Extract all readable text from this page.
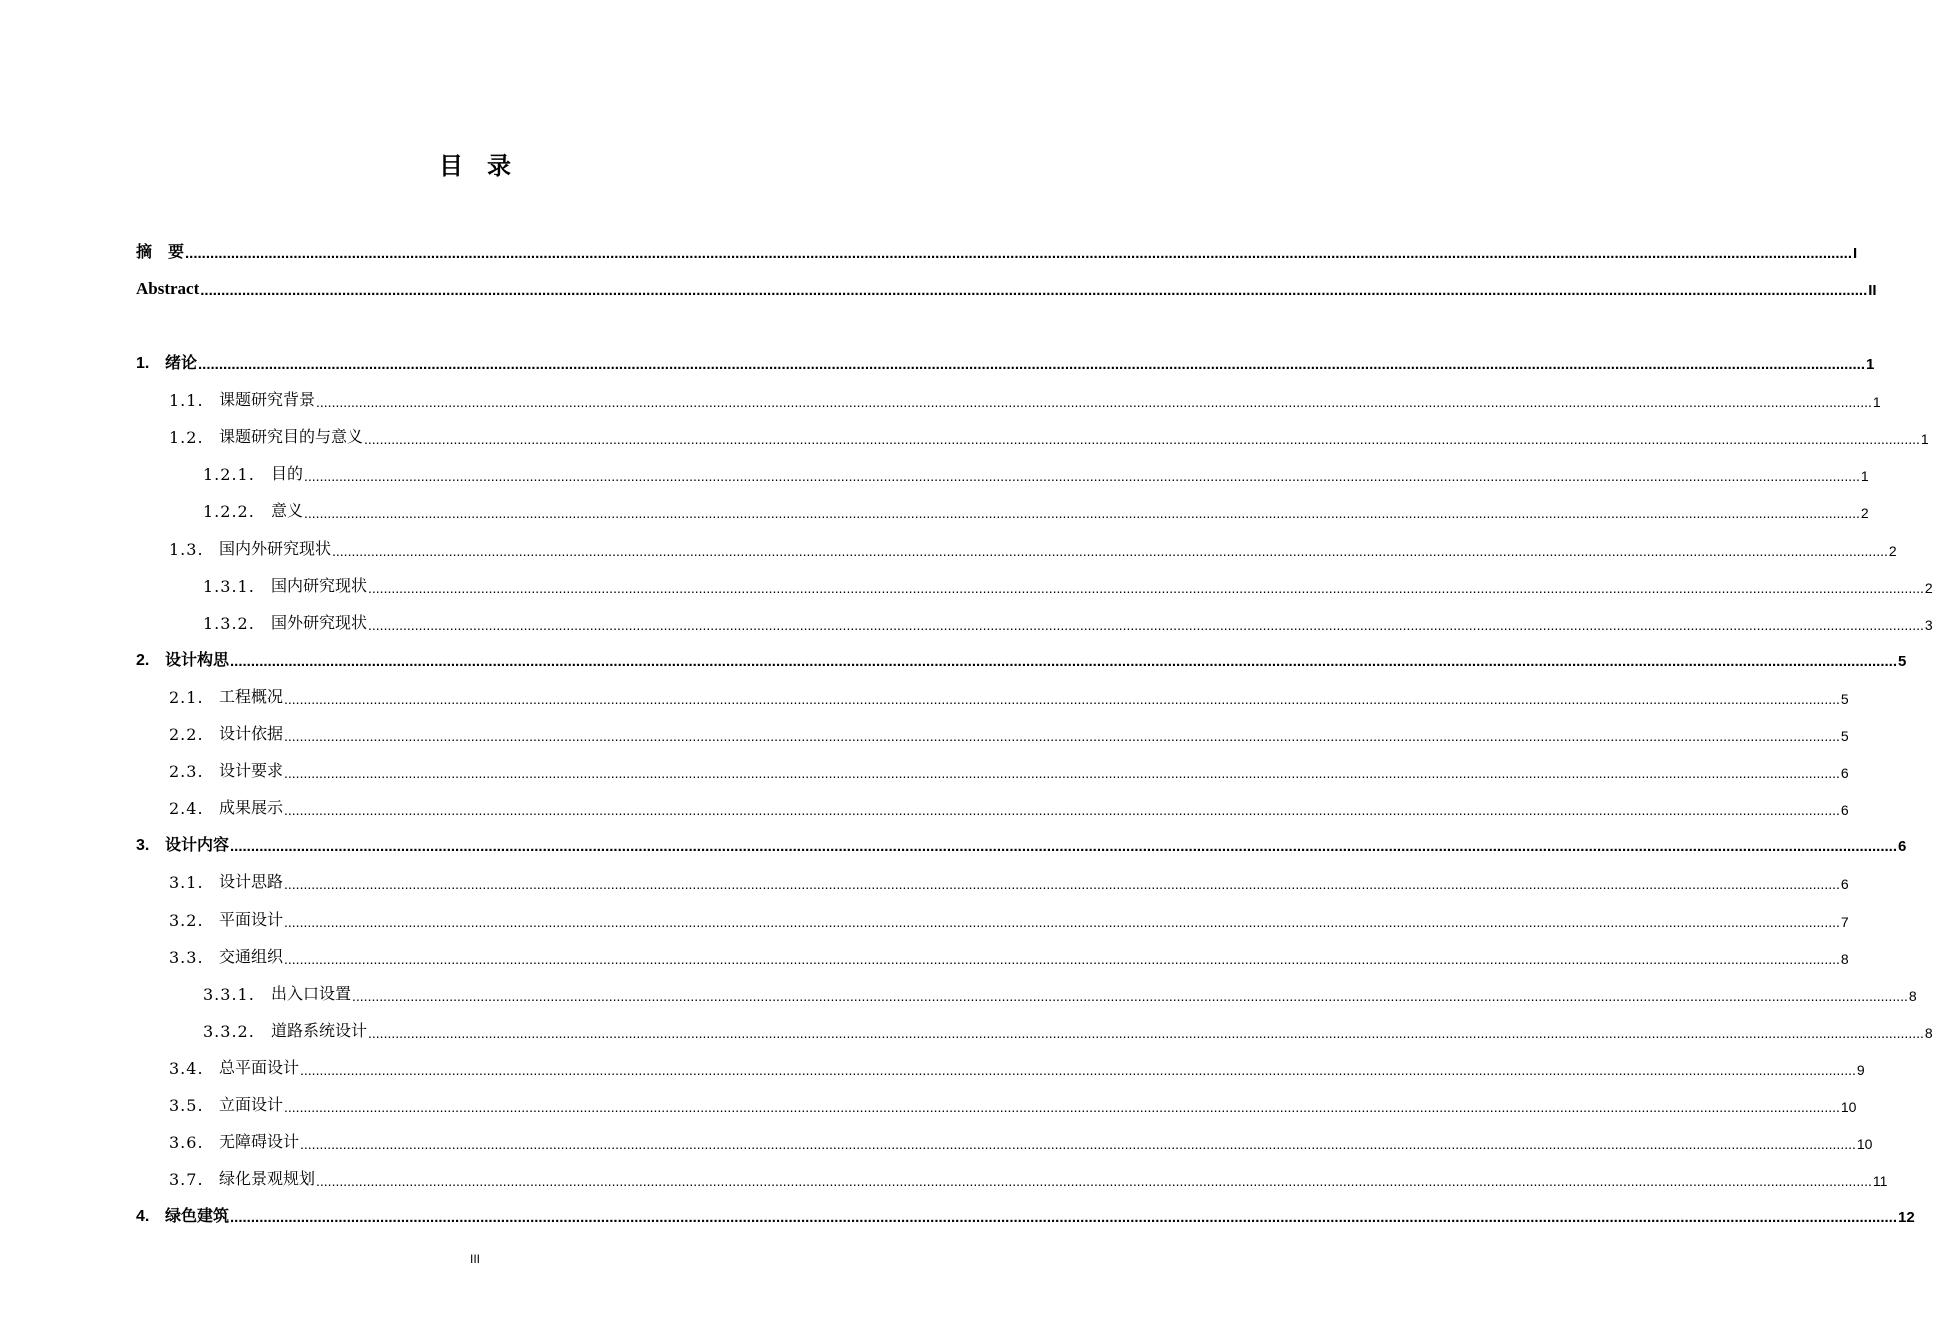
目　录
摘　要 ................................................................................................................................................................................................................................................................................................................................................................................................................ I
Abstract ................................................................................................................................................................................................................................................................................................................................................................................................................ II
1. 绪论 ................................................................................................................................................................................................................................................................................................................................................................................................................ 1
1.1. 课题研究背景 ................................................................................................................................................................................................................................................................................................................................................................................................................ 1
1.2. 课题研究目的与意义 ................................................................................................................................................................................................................................................................................................................................................................................................................ 1
1.2.1.	目的 ................................................................................................................................................................................................................................................................................................................................................................................................................ 1
1.2.2.	意义 ................................................................................................................................................................................................................................................................................................................................................................................................................ 2
1.3. 国内外研究现状 ................................................................................................................................................................................................................................................................................................................................................................................................................ 2
1.3.1.	国内研究现状 ................................................................................................................................................................................................................................................................................................................................................................................................................ 2
1.3.2.	国外研究现状 ................................................................................................................................................................................................................................................................................................................................................................................................................ 3
2. 设计构思 ................................................................................................................................................................................................................................................................................................................................................................................................................ 5
2.1. 工程概况 ................................................................................................................................................................................................................................................................................................................................................................................................................ 5
2.2. 设计依据 ................................................................................................................................................................................................................................................................................................................................................................................................................ 5
2.3. 设计要求 ................................................................................................................................................................................................................................................................................................................................................................................................................ 6
2.4. 成果展示 ................................................................................................................................................................................................................................................................................................................................................................................................................ 6
3. 设计内容 ................................................................................................................................................................................................................................................................................................................................................................................................................ 6
3.1. 设计思路 ................................................................................................................................................................................................................................................................................................................................................................................................................ 6
3.2. 平面设计 ................................................................................................................................................................................................................................................................................................................................................................................................................ 7
3.3. 交通组织 ................................................................................................................................................................................................................................................................................................................................................................................................................ 8
3.3.1.	出入口设置 ................................................................................................................................................................................................................................................................................................................................................................................................................ 8
3.3.2.	道路系统设计 ................................................................................................................................................................................................................................................................................................................................................................................................................ 8
3.4. 总平面设计 ................................................................................................................................................................................................................................................................................................................................................................................................................ 9
3.5. 立面设计 ................................................................................................................................................................................................................................................................................................................................................................................................................ 10
3.6. 无障碍设计 ................................................................................................................................................................................................................................................................................................................................................................................................................ 10
3.7. 绿化景观规划 ................................................................................................................................................................................................................................................................................................................................................................................................................ 11
4. 绿色建筑 ................................................................................................................................................................................................................................................................................................................................................................................................................ 12
III
